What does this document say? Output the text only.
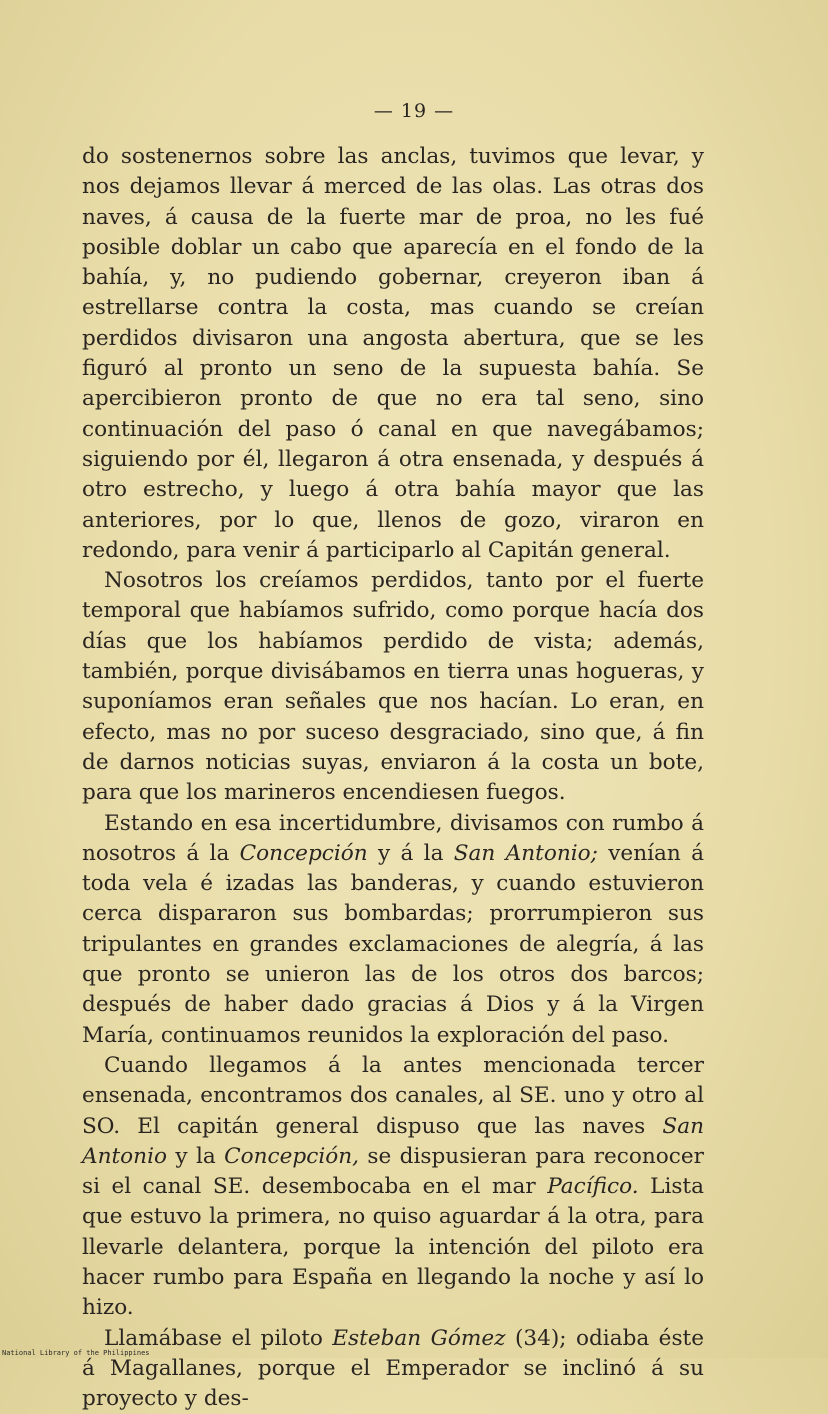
— 19 —

do sostenernos sobre las anclas, tuvimos que levar, y nos dejamos llevar á merced de las olas. Las otras dos naves, á causa de la fuerte mar de proa, no les fué posible doblar un cabo que aparecía en el fondo de la bahía, y, no pudiendo gobernar, creyeron iban á estrellarse contra la costa, mas cuando se creían perdidos divisaron una angosta abertura, que se les figuró al pronto un seno de la supuesta bahía. Se apercibieron pronto de que no era tal seno, sino continuación del paso ó canal en que navegábamos; siguiendo por él, llegaron á otra ensenada, y después á otro estrecho, y luego á otra bahía mayor que las anteriores, por lo que, llenos de gozo, viraron en redondo, para venir á participarlo al Capitán general.

Nosotros los creíamos perdidos, tanto por el fuerte temporal que habíamos sufrido, como porque hacía dos días que los habíamos perdido de vista; además, también, porque divisábamos en tierra unas hogueras, y suponíamos eran señales que nos hacían. Lo eran, en efecto, mas no por suceso desgraciado, sino que, á fin de darnos noticias suyas, enviaron á la costa un bote, para que los marineros encendiesen fuegos.

Estando en esa incertidumbre, divisamos con rumbo á nosotros á la Concepción y á la San Antonio; venían á toda vela é izadas las banderas, y cuando estuvieron cerca dispararon sus bombardas; prorrumpieron sus tripulantes en grandes exclamaciones de alegría, á las que pronto se unieron las de los otros dos barcos; después de haber dado gracias á Dios y á la Virgen María, continuamos reunidos la exploración del paso.

Cuando llegamos á la antes mencionada tercer ensenada, encontramos dos canales, al SE. uno y otro al SO. El capitán general dispuso que las naves San Antonio y la Concepción, se dispusieran para reconocer si el canal SE. desembocaba en el mar Pacífico. Lista que estuvo la primera, no quiso aguardar á la otra, para llevarle delantera, porque la intención del piloto era hacer rumbo para España en llegando la noche y así lo hizo.

Llamábase el piloto Esteban Gómez (34); odiaba éste á Magallanes, porque el Emperador se inclinó á su proyecto y des-

National Library of the Philippines
